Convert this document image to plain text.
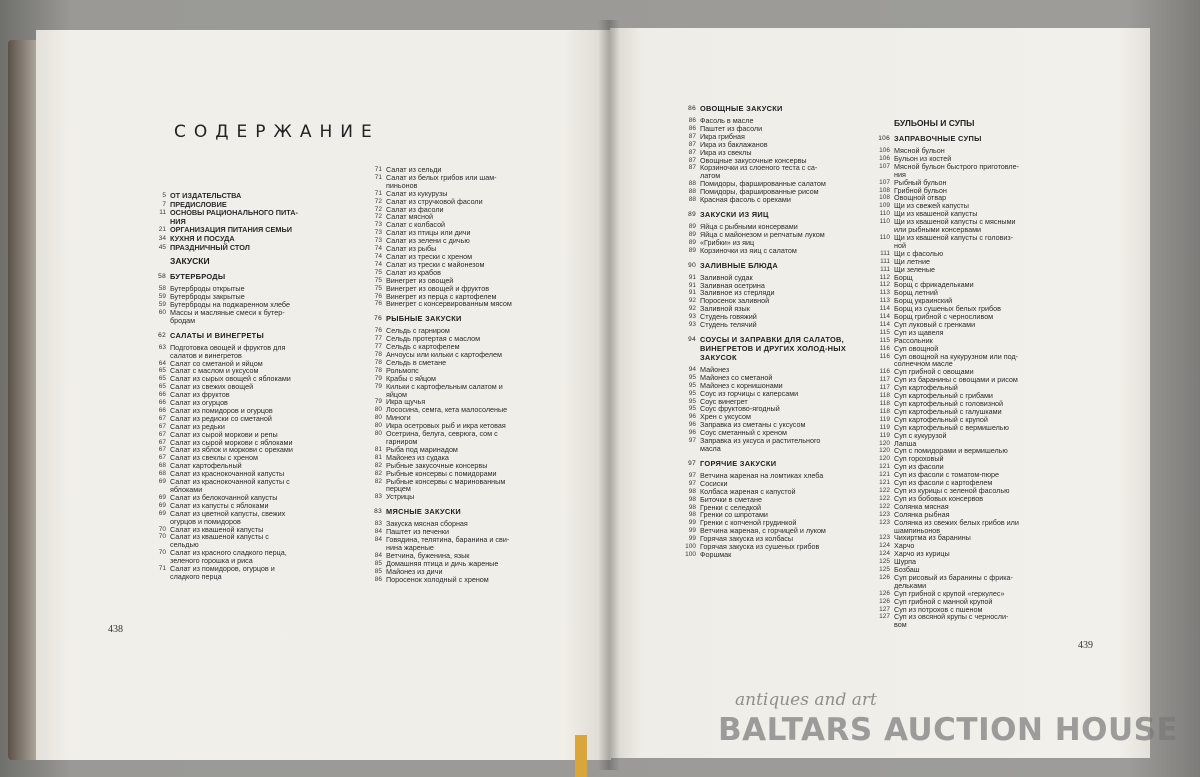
СОДЕРЖАНИЕ
5 ОТ ИЗДАТЕЛЬСТВА
7 ПРЕДИСЛОВИЕ
11 ОСНОВЫ РАЦИОНАЛЬНОГО ПИТА-
НИЯ
21 ОРГАНИЗАЦИЯ ПИТАНИЯ СЕМЬИ
34 КУХНЯ И ПОСУДА
45 ПРАЗДНИЧНЫЙ СТОЛ
ЗАКУСКИ
58 БУТЕРБРОДЫ
58 Бутерброды открытые
59 Бутерброды закрытые
59 Бутерброды на поджаренном хлебе
60 Массы и масляные смеси к бутер-
бродам
62 САЛАТЫ И ВИНЕГРЕТЫ
63 Подготовка овощей и фруктов для
салатов и винегретов
64 Салат со сметаной и яйцом
65 Салат с маслом и уксусом
65 Салат из сырых овощей с яблоками
65 Салат из свежих овощей
66 Салат из фруктов
66 Салат из огурцов
66 Салат из помидоров и огурцов
67 Салат из редиски со сметаной
67 Салат из редьки
67 Салат из сырой моркови и репы
67 Салат из сырой моркови с яблоками
67 Салат из яблок и моркови с орехами
67 Салат из свеклы с хреном
68 Салат картофельный
68 Салат из краснокочанной капусты
69 Салат из краснокочанной капусты с
яблоками
69 Салат из белокочанной капусты
69 Салат из капусты с яблоками
69 Салат из цветной капусты, свежих
огурцов и помидоров
70 Салат из квашеной капусты
70 Салат из квашеной капусты с
сельдью
70 Салат из красного сладкого перца,
зеленого горошка и риса
71 Салат из помидоров, огурцов и
сладкого перца
71 Салат из сельди
71 Салат из белых грибов или шам-
пиньонов
71 Салат из кукурузы
72 Салат из стручковой фасоли
72 Салат из фасоли
72 Салат мясной
73 Салат с колбасой
73 Салат из птицы или дичи
73 Салат из зелени с дичью
74 Салат из рыбы
74 Салат из трески с хреном
74 Салат из трески с майонезом
75 Салат из крабов
75 Винегрет из овощей
75 Винегрет из овощей и фруктов
76 Винегрет из перца с картофелем
76 Винегрет с консервированным мясом
76 РЫБНЫЕ ЗАКУСКИ
76 Сельдь с гарниром
77 Сельдь протертая с маслом
77 Сельдь с картофелем
78 Анчоусы или кильки с картофелем
78 Сельдь в сметане
78 Рольмопс
79 Крабы с яйцом
79 Кильки с картофельным салатом и
яйцом
79 Икра щучья
80 Лососина, семга, кета малосоленые
80 Миноги
80 Икра осетровых рыб и икра кетовая
80 Осетрина, белуга, севрюга, сом с
гарниром
81 Рыба под маринадом
81 Майонез из судака
82 Рыбные закусочные консервы
82 Рыбные консервы с помидорами
82 Рыбные консервы с маринованным
перцем
83 Устрицы
83 МЯСНЫЕ ЗАКУСКИ
83 Закуска мясная сборная
84 Паштет из печенки
84 Говядина, телятина, баранина и сви-
нина жареные
84 Ветчина, буженина, язык
85 Домашняя птица и дичь жареные
85 Майонез из дичи
86 Поросенок холодный с хреном
438
86 ОВОЩНЫЕ ЗАКУСКИ
86 Фасоль в масле
86 Паштет из фасоли
87 Икра грибная
87 Икра из баклажанов
87 Икра из свеклы
87 Овощные закусочные консервы
87 Корзиночки из слоеного теста с са-
латом
88 Помидоры, фаршированные салатом
88 Помидоры, фаршированные рисом
88 Красная фасоль с орехами
89 ЗАКУСКИ ИЗ ЯИЦ
89 Яйца с рыбными консервами
89 Яйца с майонезом и репчатым луком
89 «Грибки» из яиц
89 Корзиночки из яиц с салатом
90 ЗАЛИВНЫЕ БЛЮДА
91 Заливной судак
91 Заливная осетрина
91 Заливное из стерляди
92 Поросенок заливной
92 Заливной язык
93 Студень говяжий
93 Студень телячий
94 СОУСЫ И ЗАПРАВКИ ДЛЯ САЛАТОВ, ВИНЕГРЕТОВ И ДРУГИХ ХОЛОД-НЫХ ЗАКУСОК
94 Майонез
95 Майонез со сметаной
95 Майонез с корнишонами
95 Соус из горчицы с каперсами
95 Соус винегрет
95 Соус фруктово-ягодный
96 Хрен с уксусом
96 Заправка из сметаны с уксусом
96 Соус сметанный с хреном
97 Заправка из уксуса и растительного
масла
97 ГОРЯЧИЕ ЗАКУСКИ
97 Ветчина жареная на ломтиках хлеба
97 Сосиски
98 Колбаса жареная с капустой
98 Биточки в сметане
98 Гренки с селедкой
98 Гренки со шпротами
99 Гренки с копченой грудинкой
99 Ветчина жареная, с горчицей и луком
99 Горячая закуска из колбасы
100 Горячая закуска из сушеных грибов
100 Форшмак
БУЛЬОНЫ И СУПЫ
106 ЗАПРАВОЧНЫЕ СУПЫ
106 Мясной бульон
106 Бульон из костей
107 Мясной бульон быстрого приготовле-
ния
107 Рыбный бульон
108 Грибной бульон
108 Овощной отвар
109 Щи из свежей капусты
110 Щи из квашеной капусты
110 Щи из квашеной капусты с мясными
или рыбными консервами
110 Щи из квашеной капусты с головиз-
ной
111 Щи с фасолью
111 Щи летние
111 Щи зеленые
112 Борщ
112 Борщ с фрикадельками
113 Борщ летний
113 Борщ украинский
114 Борщ из сушеных белых грибов
114 Борщ грибной с черносливом
114 Суп луковый с гренками
115 Суп из щавеля
115 Рассольник
116 Суп овощной
116 Суп овощной на кукурузном или под-
солнечном масле
116 Суп грибной с овощами
117 Суп из баранины с овощами и рисом
117 Суп картофельный
118 Суп картофельный с грибами
118 Суп картофельный с головизной
118 Суп картофельный с галушками
119 Суп картофельный с крупой
119 Суп картофельный с вермишелью
119 Суп с кукурузой
120 Лапша
120 Суп с помидорами и вермишелью
120 Суп гороховый
121 Суп из фасоли
121 Суп из фасоли с томатом-пюре
121 Суп из фасоли с картофелем
122 Суп из курицы с зеленой фасолью
122 Суп из бобовых консервов
122 Солянка мясная
123 Солянка рыбная
123 Солянка из свежих белых грибов или
шампиньонов
123 Чихиртма из баранины
124 Харчо
124 Харчо из курицы
125 Шурпа
125 Бозбаш
126 Суп рисовый из баранины с фрика-
дельками
126 Суп грибной с крупой «геркулес»
126 Суп грибной с манной крупой
127 Суп из потрохов с пшеном
127 Суп из овсяной крупы с черносли-
вом
439
antiques and art
BALTARS AUCTION HOUSE
